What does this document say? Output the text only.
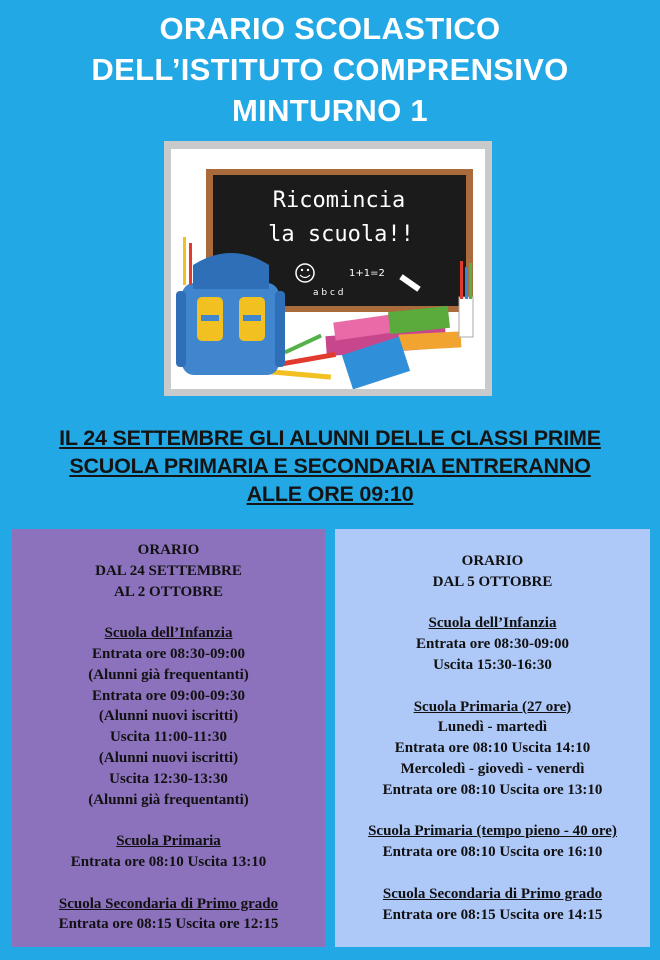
ORARIO SCOLASTICO
DELL’ISTITUTO COMPRENSIVO
MINTURNO 1
Ricomincia
la scuola!!
1+1=2
a b c d
IL 24 SETTEMBRE GLI ALUNNI DELLE CLASSI PRIME
SCUOLA PRIMARIA E SECONDARIA ENTRERANNO
ALLE ORE 09:10
ORARIO
DAL 24 SETTEMBRE
AL 2 OTTOBRE
Scuola dell’Infanzia
Entrata ore 08:30-09:00
(Alunni già frequentanti)
Entrata ore 09:00-09:30
(Alunni nuovi iscritti)
Uscita 11:00-11:30
(Alunni nuovi iscritti)
Uscita 12:30-13:30
(Alunni già frequentanti)
Scuola Primaria
Entrata ore 08:10 Uscita 13:10
Scuola Secondaria di Primo grado
Entrata ore 08:15 Uscita ore 12:15
ORARIO
DAL 5 OTTOBRE
Scuola dell’Infanzia
Entrata ore 08:30-09:00
Uscita 15:30-16:30
Scuola Primaria (27 ore)
Lunedì - martedì
Entrata ore 08:10 Uscita 14:10
Mercoledì - giovedì - venerdì
Entrata ore 08:10 Uscita ore 13:10
Scuola Primaria (tempo pieno - 40 ore)
Entrata ore 08:10 Uscita ore 16:10
Scuola Secondaria di Primo grado
Entrata ore 08:15 Uscita ore 14:15
